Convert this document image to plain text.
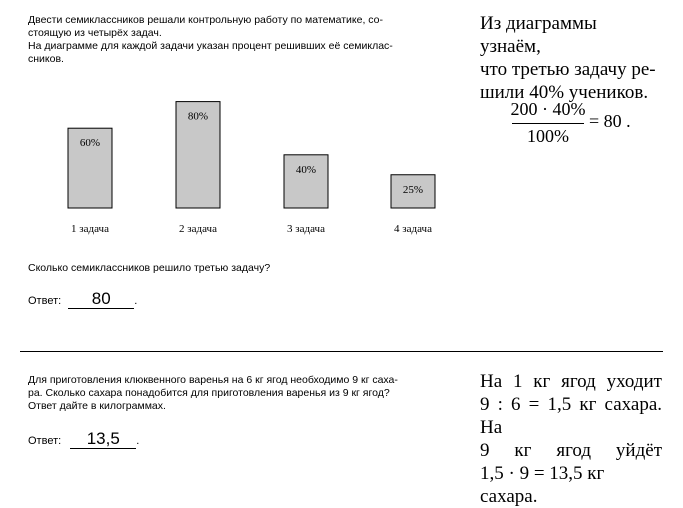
Двести семиклассников решали контрольную работу по математике, со-
стоящую из четырёх задач.
На диаграмме для каждой задачи указан процент решивших её семиклас-
сников.
60%
1 задача
80%
2 задача
40%
3 задача
25%
4 задача
Из диаграммы узнаём,
что третью задачу ре-
шили 40% учеников.
200 · 40%
100%
= 80 .
Сколько семиклассников решило третью задачу?
Ответ: 80 .
Для приготовления клюквенного варенья на 6 кг ягод необходимо 9 кг саха-
ра. Сколько сахара понадобится для приготовления варенья из 9 кг ягод?
Ответ дайте в килограммах.
Ответ: 13,5 .
На 1 кг ягод уходит
9 : 6 = 1,5 кг сахара. На
9 кг ягод уйдёт
1,5 · 9 = 13,5 кг сахара.
